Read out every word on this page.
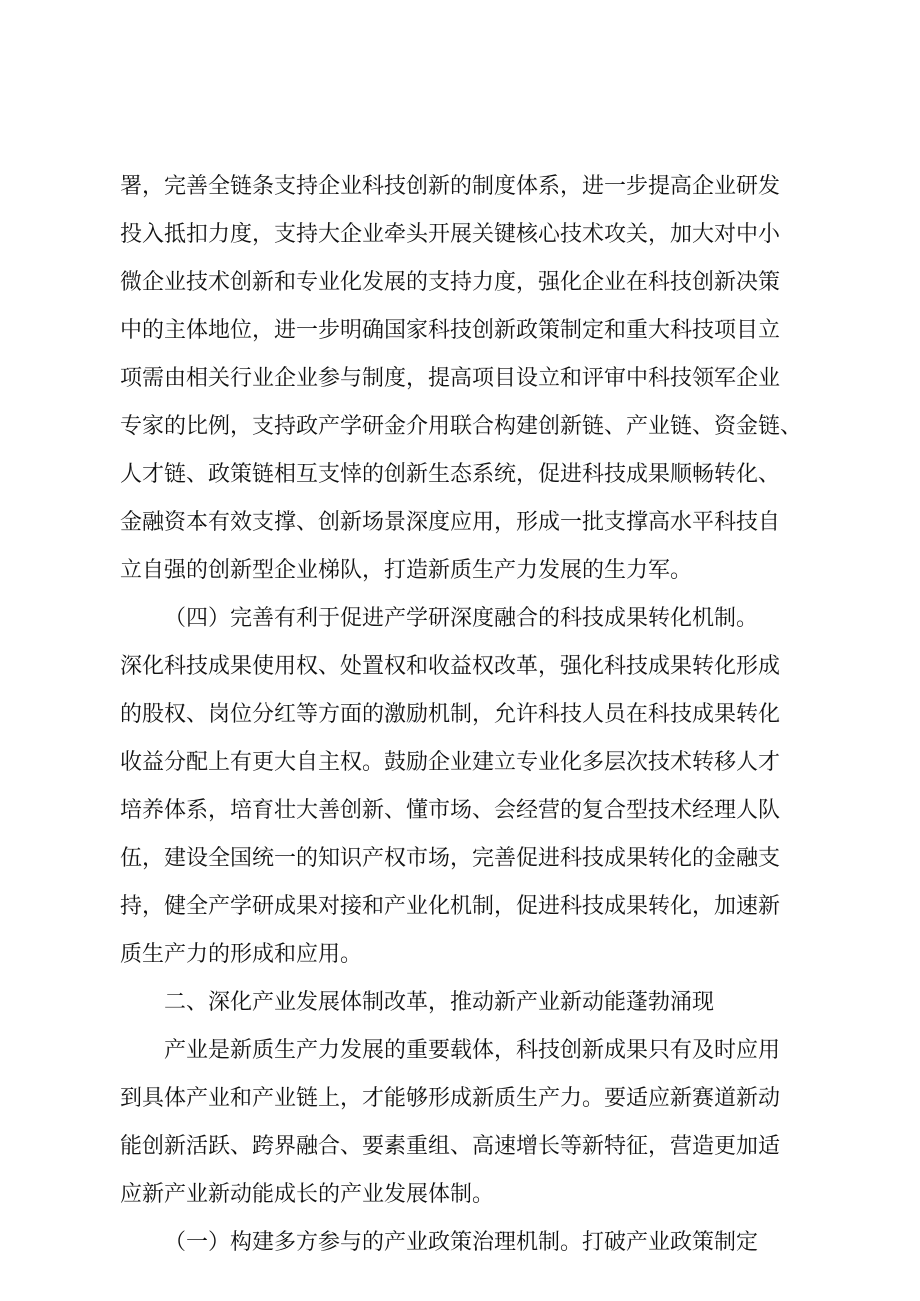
署，完善全链条支持企业科技创新的制度体系，进一步提高企业研发
投入抵扣力度，支持大企业牵头开展关键核心技术攻关，加大对中小
微企业技术创新和专业化发展的支持力度，强化企业在科技创新决策
中的主体地位，进一步明确国家科技创新政策制定和重大科技项目立
项需由相关行业企业参与制度，提高项目设立和评审中科技领军企业
专家的比例，支持政产学研金介用联合构建创新链、产业链、资金链、
人才链、政策链相互支悻的创新生态系统，促进科技成果顺畅转化、
金融资本有效支撑、创新场景深度应用，形成一批支撑高水平科技自
立自强的创新型企业梯队，打造新质生产力发展的生力军。
（四）完善有利于促进产学研深度融合的科技成果转化机制。
深化科技成果使用权、处置权和收益权改革，强化科技成果转化形成
的股权、岗位分红等方面的激励机制，允许科技人员在科技成果转化
收益分配上有更大自主权。鼓励企业建立专业化多层次技术转移人才
培养体系，培育壮大善创新、懂市场、会经营的复合型技术经理人队
伍，建设全国统一的知识产权市场，完善促进科技成果转化的金融支
持，健全产学研成果对接和产业化机制，促进科技成果转化，加速新
质生产力的形成和应用。
二、深化产业发展体制改革，推动新产业新动能蓬勃涌现
产业是新质生产力发展的重要载体，科技创新成果只有及时应用
到具体产业和产业链上，才能够形成新质生产力。要适应新赛道新动
能创新活跃、跨界融合、要素重组、高速增长等新特征，营造更加适
应新产业新动能成长的产业发展体制。
（一）构建多方参与的产业政策治理机制。打破产业政策制定
